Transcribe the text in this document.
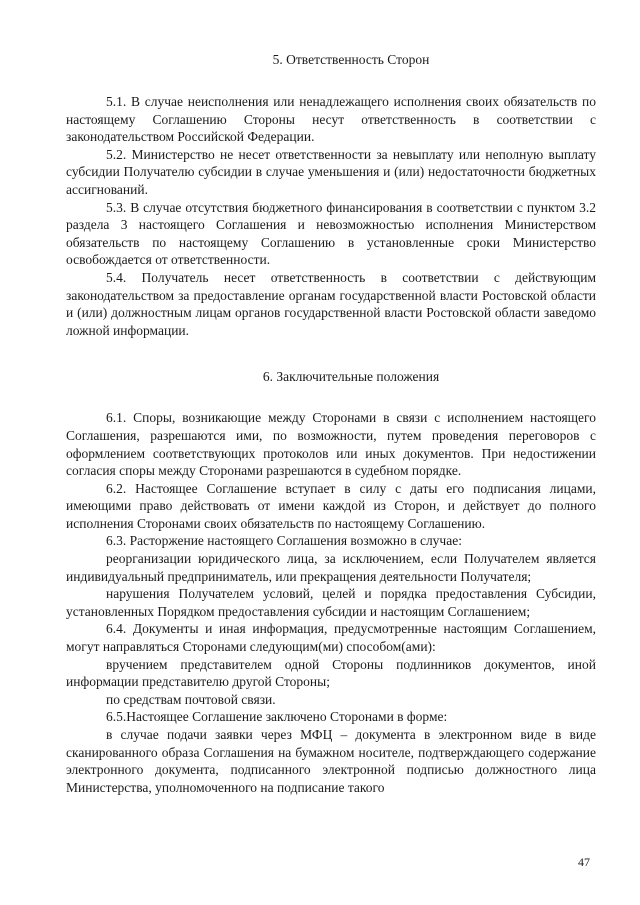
5. Ответственность Сторон

5.1. В случае неисполнения или ненадлежащего исполнения своих обязательств по настоящему Соглашению Стороны несут ответственность в соответствии с законодательством Российской Федерации.

5.2. Министерство не несет ответственности за невыплату или неполную выплату субсидии Получателю субсидии в случае уменьшения и (или) недостаточности бюджетных ассигнований.

5.3. В случае отсутствия бюджетного финансирования в соответствии с пунктом 3.2 раздела 3 настоящего Соглашения и невозможностью исполнения Министерством обязательств по настоящему Соглашению в установленные сроки Министерство освобождается от ответственности.

5.4. Получатель несет ответственность в соответствии с действующим законодательством за предоставление органам государственной власти Ростовской области и (или) должностным лицам органов государственной власти Ростовской области заведомо ложной информации.

6. Заключительные положения

6.1. Споры, возникающие между Сторонами в связи с исполнением настоящего Соглашения, разрешаются ими, по возможности, путем проведения переговоров с оформлением соответствующих протоколов или иных документов. При недостижении согласия споры между Сторонами разрешаются в судебном порядке.

6.2. Настоящее Соглашение вступает в силу с даты его подписания лицами, имеющими право действовать от имени каждой из Сторон, и действует до полного исполнения Сторонами своих обязательств по настоящему Соглашению.

6.3. Расторжение настоящего Соглашения возможно в случае:

реорганизации юридического лица, за исключением, если Получателем является индивидуальный предприниматель, или прекращения деятельности Получателя;

нарушения Получателем условий, целей и порядка предоставления Субсидии, установленных Порядком предоставления субсидии и настоящим Соглашением;

6.4. Документы и иная информация, предусмотренные настоящим Соглашением, могут направляться Сторонами следующим(ми) способом(ами):

вручением представителем одной Стороны подлинников документов, иной информации представителю другой Стороны;

по средствам почтовой связи.

6.5.Настоящее Соглашение заключено Сторонами в форме:

в случае подачи заявки через МФЦ – документа в электронном виде в виде сканированного образа Соглашения на бумажном носителе, подтверждающего содержание электронного документа, подписанного электронной подписью должностного лица Министерства, уполномоченного на подписание такого

47
